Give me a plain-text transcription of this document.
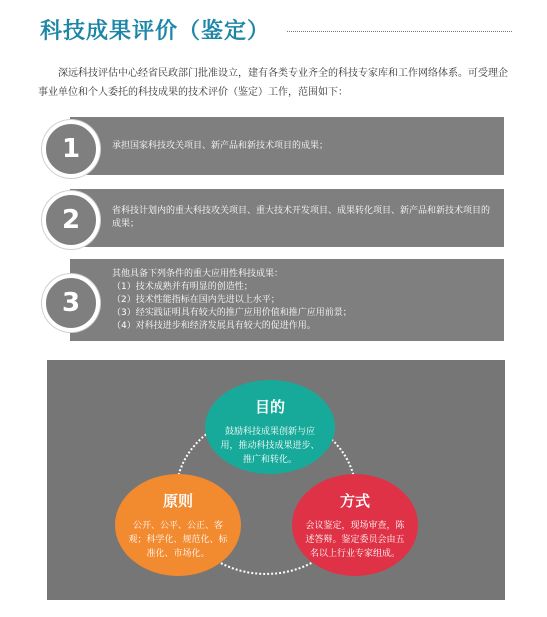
科技成果评价（鉴定）
深远科技评估中心经省民政部门批准设立，建有各类专业齐全的科技专家库和工作网络体系。可受理企事业单位和个人委托的科技成果的技术评价（鉴定）工作，范围如下：
承担国家科技攻关项目、新产品和新技术项目的成果；
1
省科技计划内的重大科技攻关项目、重大技术开发项目、成果转化项目、新产品和新技术项目的成果；
2
其他具备下列条件的重大应用性科技成果：
（1）技术成熟并有明显的创造性；
（2）技术性能指标在国内先进以上水平；
（3）经实践证明具有较大的推广应用价值和推广应用前景；
（4）对科技进步和经济发展具有较大的促进作用。
3
目的
鼓励科技成果创新与应用，推动科技成果进步、推广和转化。
原则
公开、公平、公正、客观；科学化、规范化、标准化、市场化。
方式
会议鉴定，现场审查，陈述答辩。鉴定委员会由五名以上行业专家组成。
